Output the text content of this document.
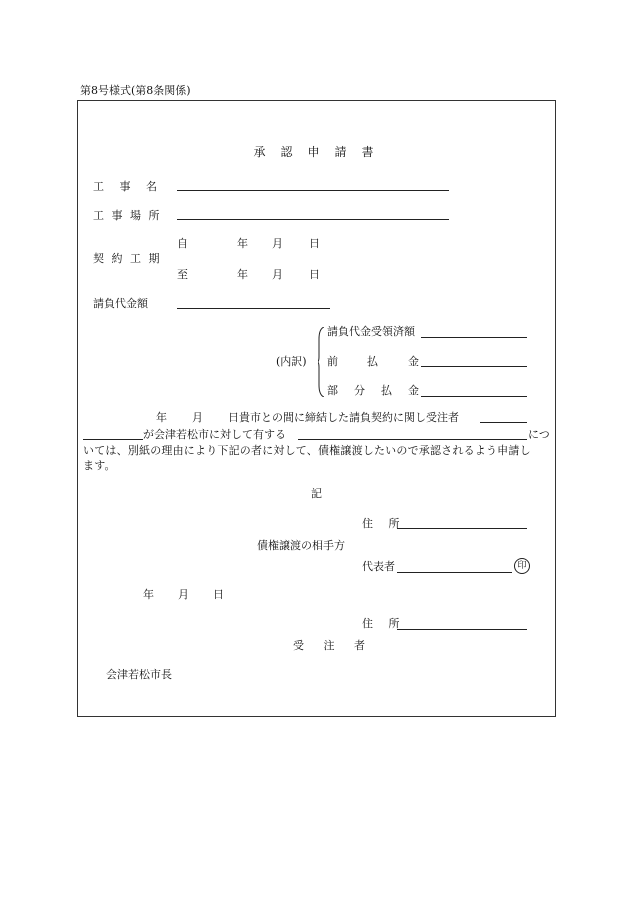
第8号様式(第8条関係)
承認申請書
工 事 名
工 事 場 所
契 約 工 期
自	年 月 日
至	年 月 日
請負代金額
(内訳)
請負代金受領済額
前	払	金
部 分 払 金
年 月 日貴市との間に締結した請負契約に関し受注者
が会津若松市に対して有する	につ
いては、別紙の理由により下記の者に対して、債権譲渡したいので承認されるよう申請し
ます。
記
住 所
債権譲渡の相手方
代表者	印
年 月 日
住 所
受 注 者
会津若松市長
